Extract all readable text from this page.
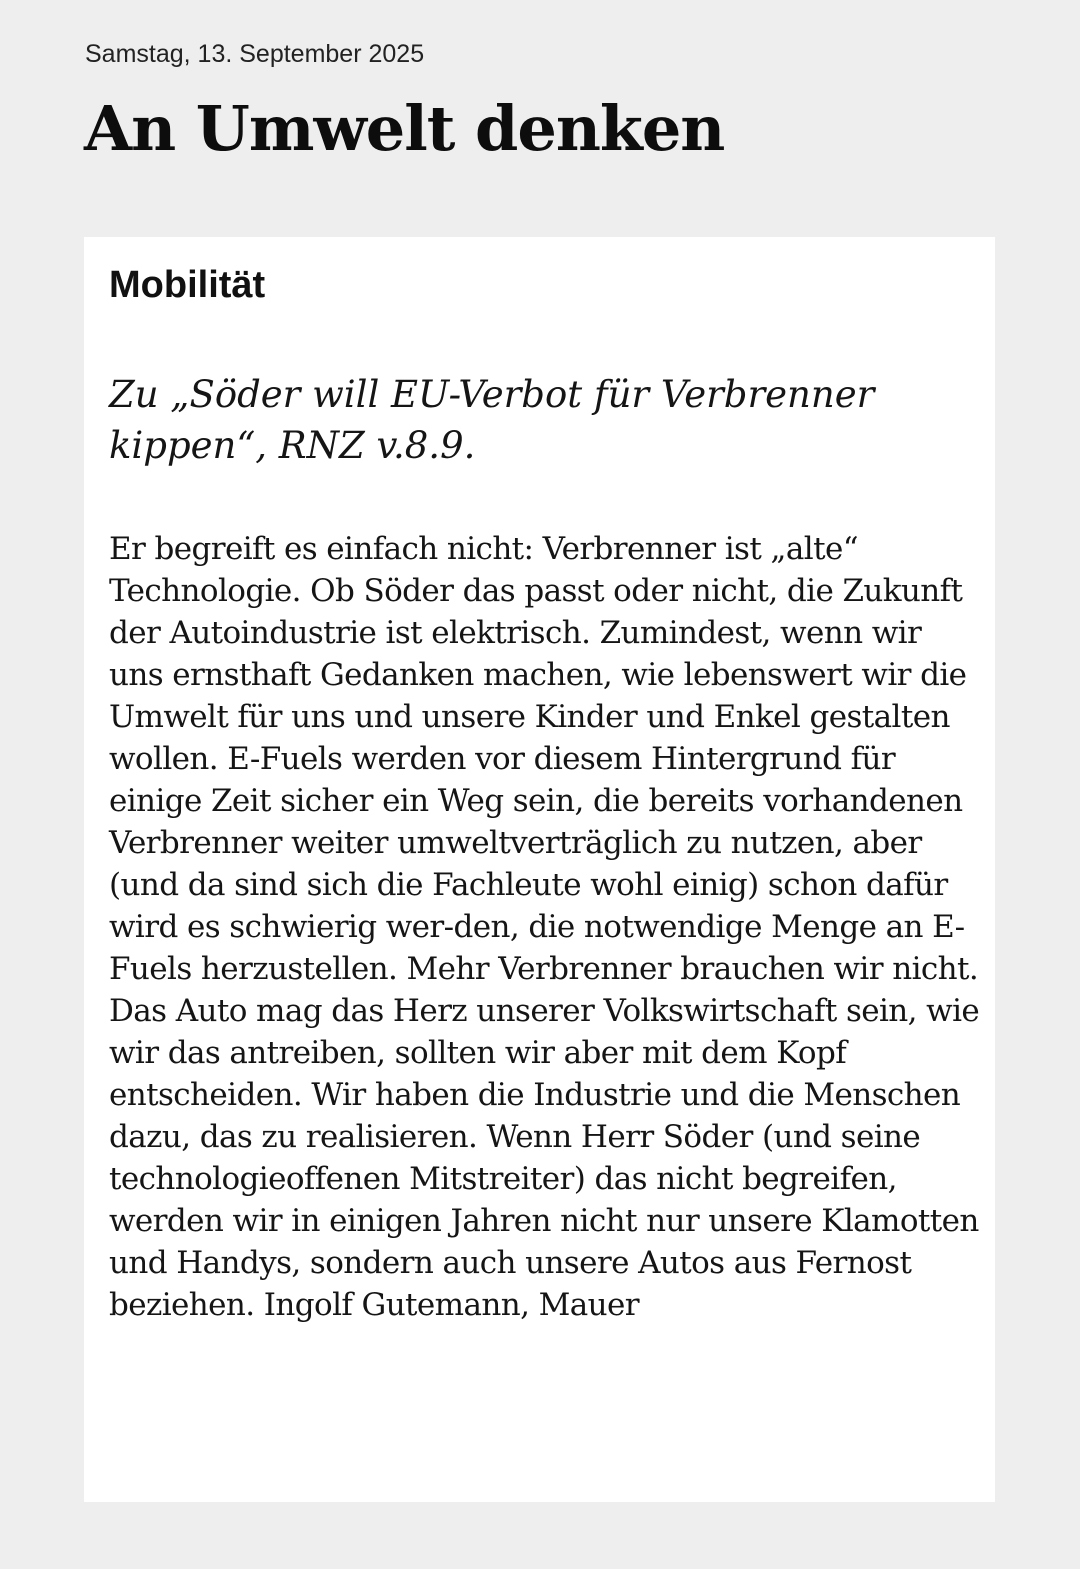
Samstag, 13. September 2025

An Umwelt denken
Mobilität

Zu „Söder will EU-Verbot für Verbrenner kippen“, RNZ v.8.9.

Er begreift es einfach nicht: Verbrenner ist „alte“ Technologie. Ob Söder das passt oder nicht, die Zukunft der Autoindustrie ist elektrisch. Zumindest, wenn wir uns ernsthaft Gedanken machen, wie lebenswert wir die Umwelt für uns und unsere Kinder und Enkel gestalten wollen. E-Fuels werden vor diesem Hintergrund für einige Zeit sicher ein Weg sein, die bereits vorhandenen Verbrenner weiter umweltverträglich zu nutzen, aber (und da sind sich die Fachleute wohl einig) schon dafür wird es schwierig wer-den, die notwendige Menge an E-Fuels herzustellen. Mehr Verbrenner brauchen wir nicht. Das Auto mag das Herz unserer Volkswirtschaft sein, wie wir das antreiben, sollten wir aber mit dem Kopf entscheiden. Wir haben die Industrie und die Menschen dazu, das zu realisieren. Wenn Herr Söder (und seine technologieoffenen Mitstreiter) das nicht begreifen, werden wir in einigen Jahren nicht nur unsere Klamotten und Handys, sondern auch unsere Autos aus Fernost beziehen. Ingolf Gutemann, Mauer
